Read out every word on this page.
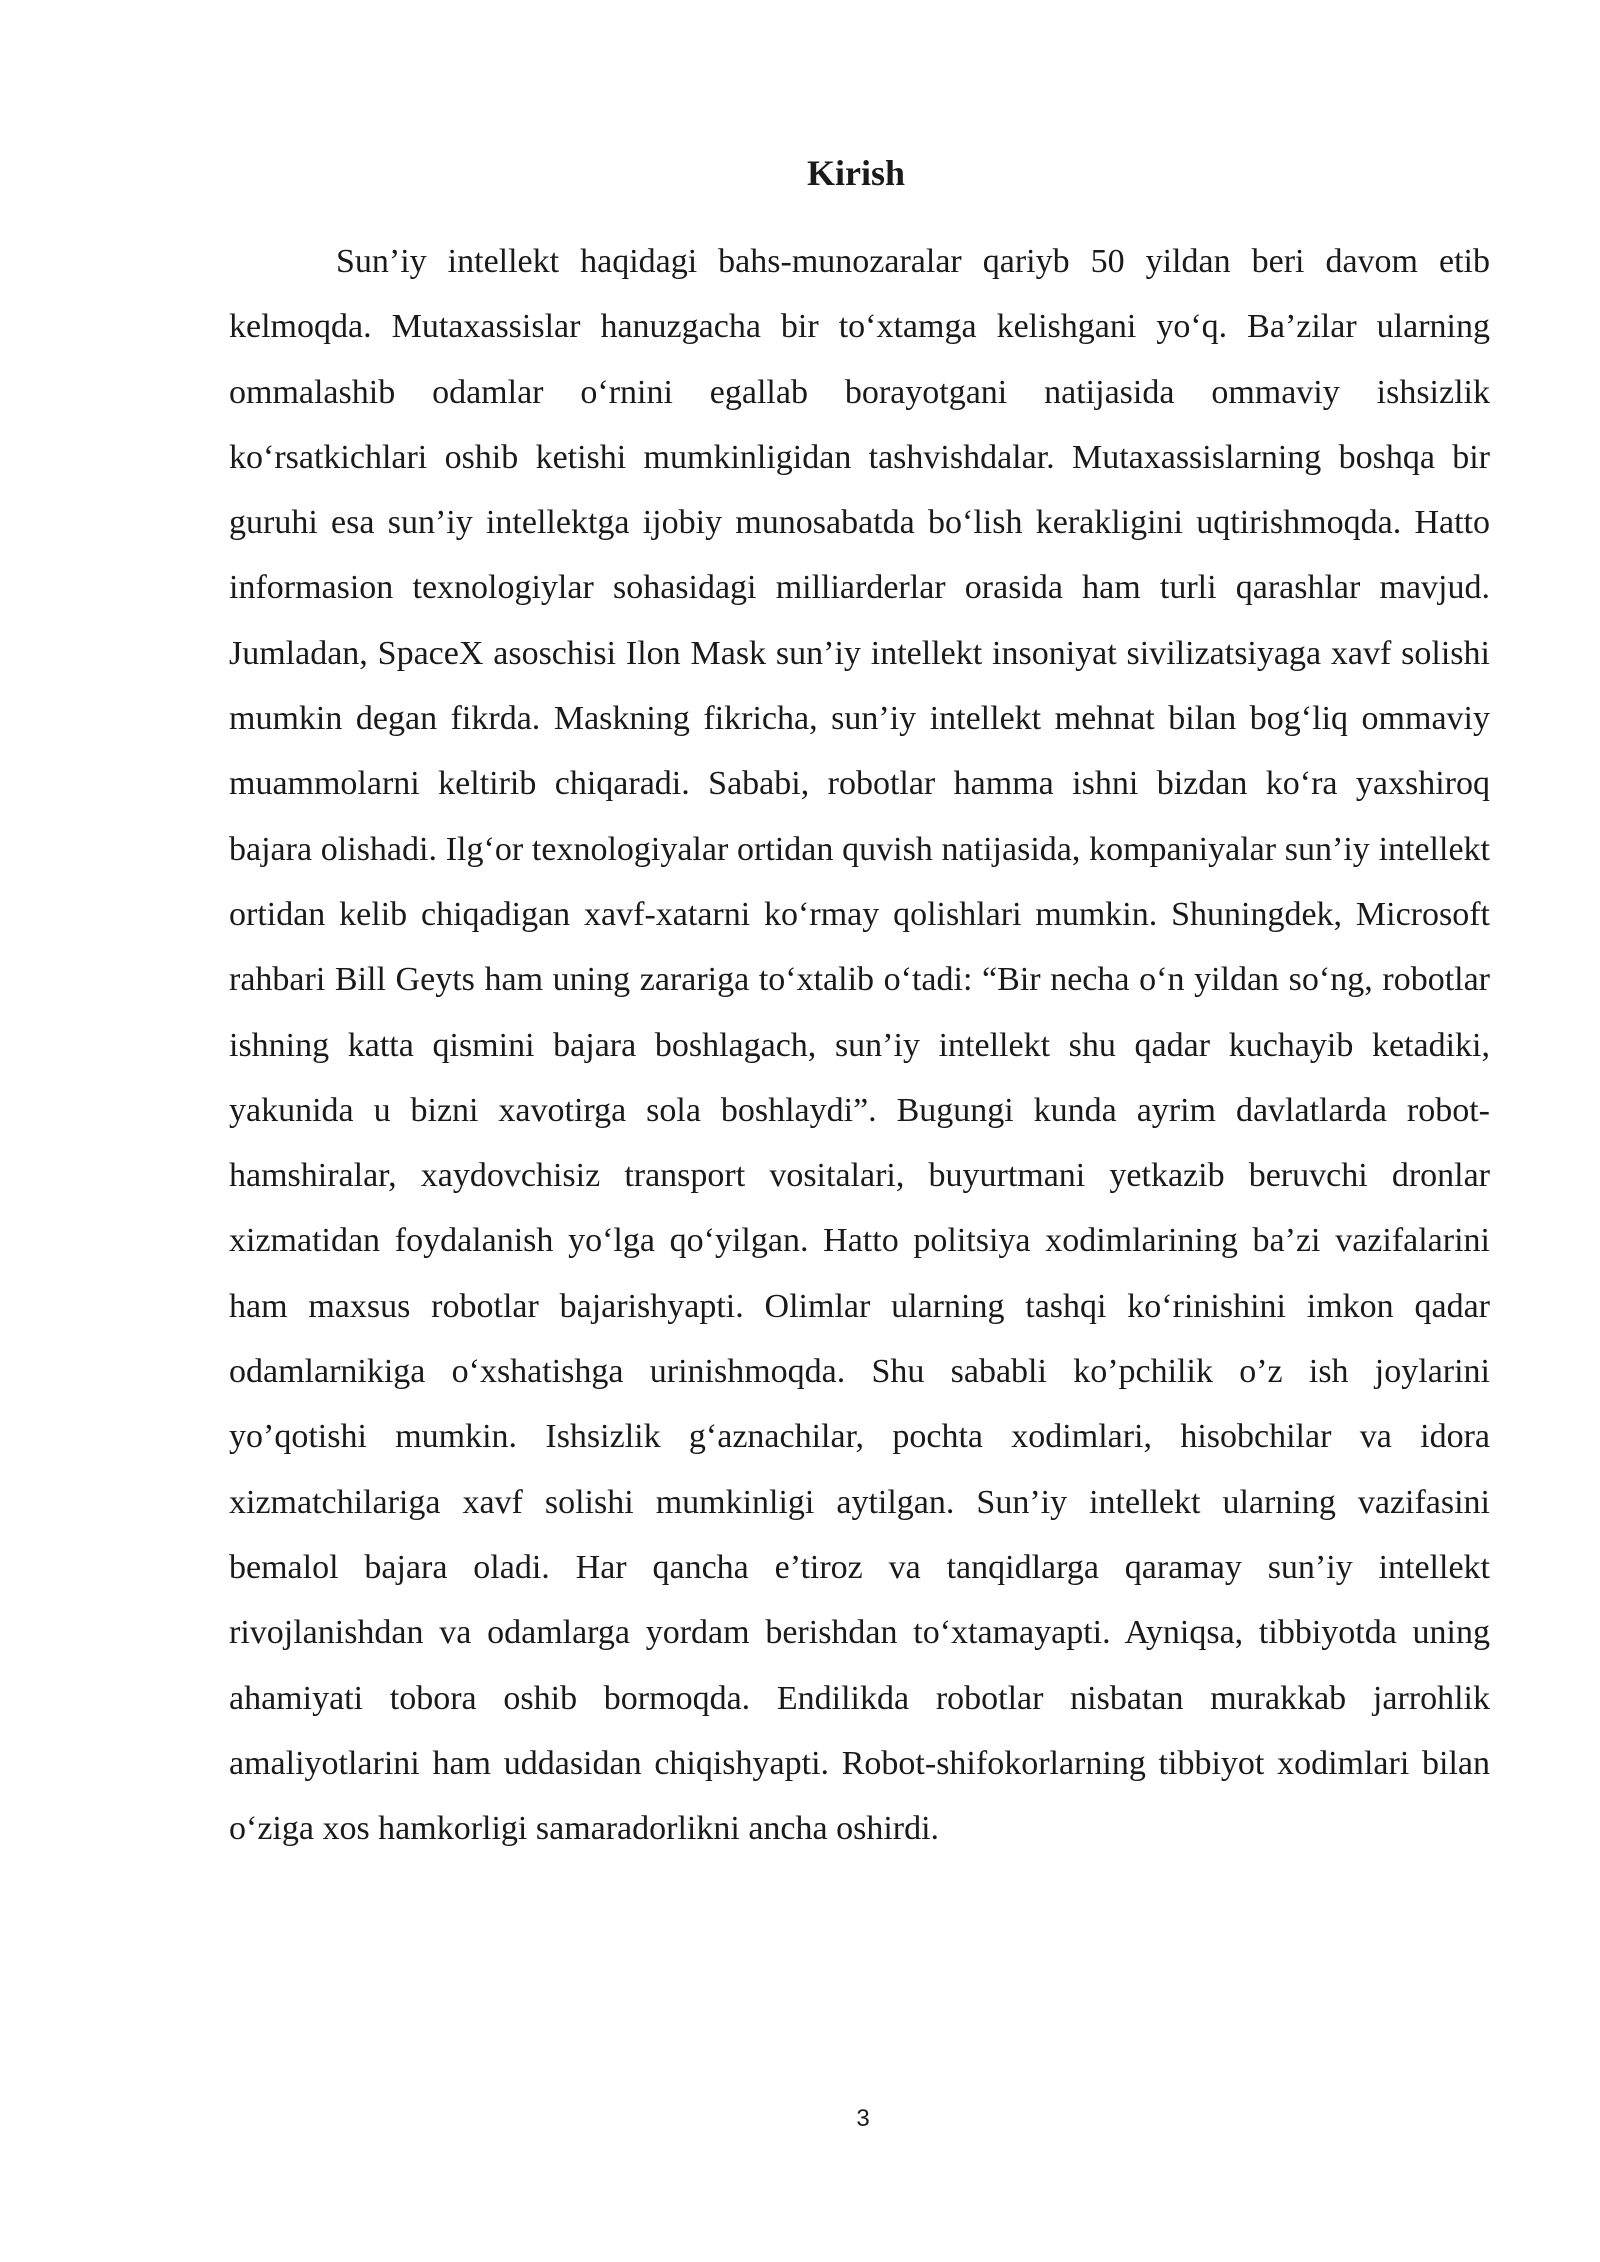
Kirish

Sun’iy intellekt haqidagi bahs-munozaralar qariyb 50 yildan beri davom etib kelmoqda. Mutaxassislar hanuzgacha bir to‘xtamga kelishgani yo‘q. Ba’zilar ularning ommalashib odamlar o‘rnini egallab borayotgani natijasida ommaviy ishsizlik ko‘rsatkichlari oshib ketishi mumkinligidan tashvishdalar. Mutaxassislarning boshqa bir guruhi esa sun’iy intellektga ijobiy munosabatda bo‘lish kerakligini uqtirishmoqda. Hatto informasion texnologiylar sohasidagi milliarderlar orasida ham turli qarashlar mavjud. Jumladan, SpaceX asoschisi Ilon Mask sun’iy intellekt insoniyat sivilizatsiyaga xavf solishi mumkin degan fikrda. Maskning fikricha, sun’iy intellekt mehnat bilan bog‘liq ommaviy muammolarni keltirib chiqaradi. Sababi, robotlar hamma ishni bizdan ko‘ra yaxshiroq bajara olishadi. Ilg‘or texnologiyalar ortidan quvish natijasida, kompaniyalar sun’iy intellekt ortidan kelib chiqadigan xavf-xatarni ko‘rmay qolishlari mumkin. Shuningdek, Microsoft rahbari Bill Geyts ham uning zarariga to‘xtalib o‘tadi: “Bir necha o‘n yildan so‘ng, robotlar ishning katta qismini bajara boshlagach, sun’iy intellekt shu qadar kuchayib ketadiki, yakunida u bizni xavotirga sola boshlaydi”. Bugungi kunda ayrim davlatlarda robot-hamshiralar, xaydovchisiz transport vositalari, buyurtmani yetkazib beruvchi dronlar xizmatidan foydalanish yo‘lga qo‘yilgan. Hatto politsiya xodimlarining ba’zi vazifalarini ham maxsus robotlar bajarishyapti. Olimlar ularning tashqi ko‘rinishini imkon qadar odamlarnikiga o‘xshatishga urinishmoqda. Shu sababli ko’pchilik o’z ish joylarini yo’qotishi mumkin. Ishsizlik g‘aznachilar, pochta xodimlari, hisobchilar va idora xizmatchilariga xavf solishi mumkinligi aytilgan. Sun’iy intellekt ularning vazifasini bemalol bajara oladi. Har qancha e’tiroz va tanqidlarga qaramay sun’iy intellekt rivojlanishdan va odamlarga yordam berishdan to‘xtamayapti. Ayniqsa, tibbiyotda uning ahamiyati tobora oshib bormoqda. Endilikda robotlar nisbatan murakkab jarrohlik amaliyotlarini ham uddasidan chiqishyapti. Robot-shifokorlarning tibbiyot xodimlari bilan o‘ziga xos hamkorligi samaradorlikni ancha oshirdi.

3
